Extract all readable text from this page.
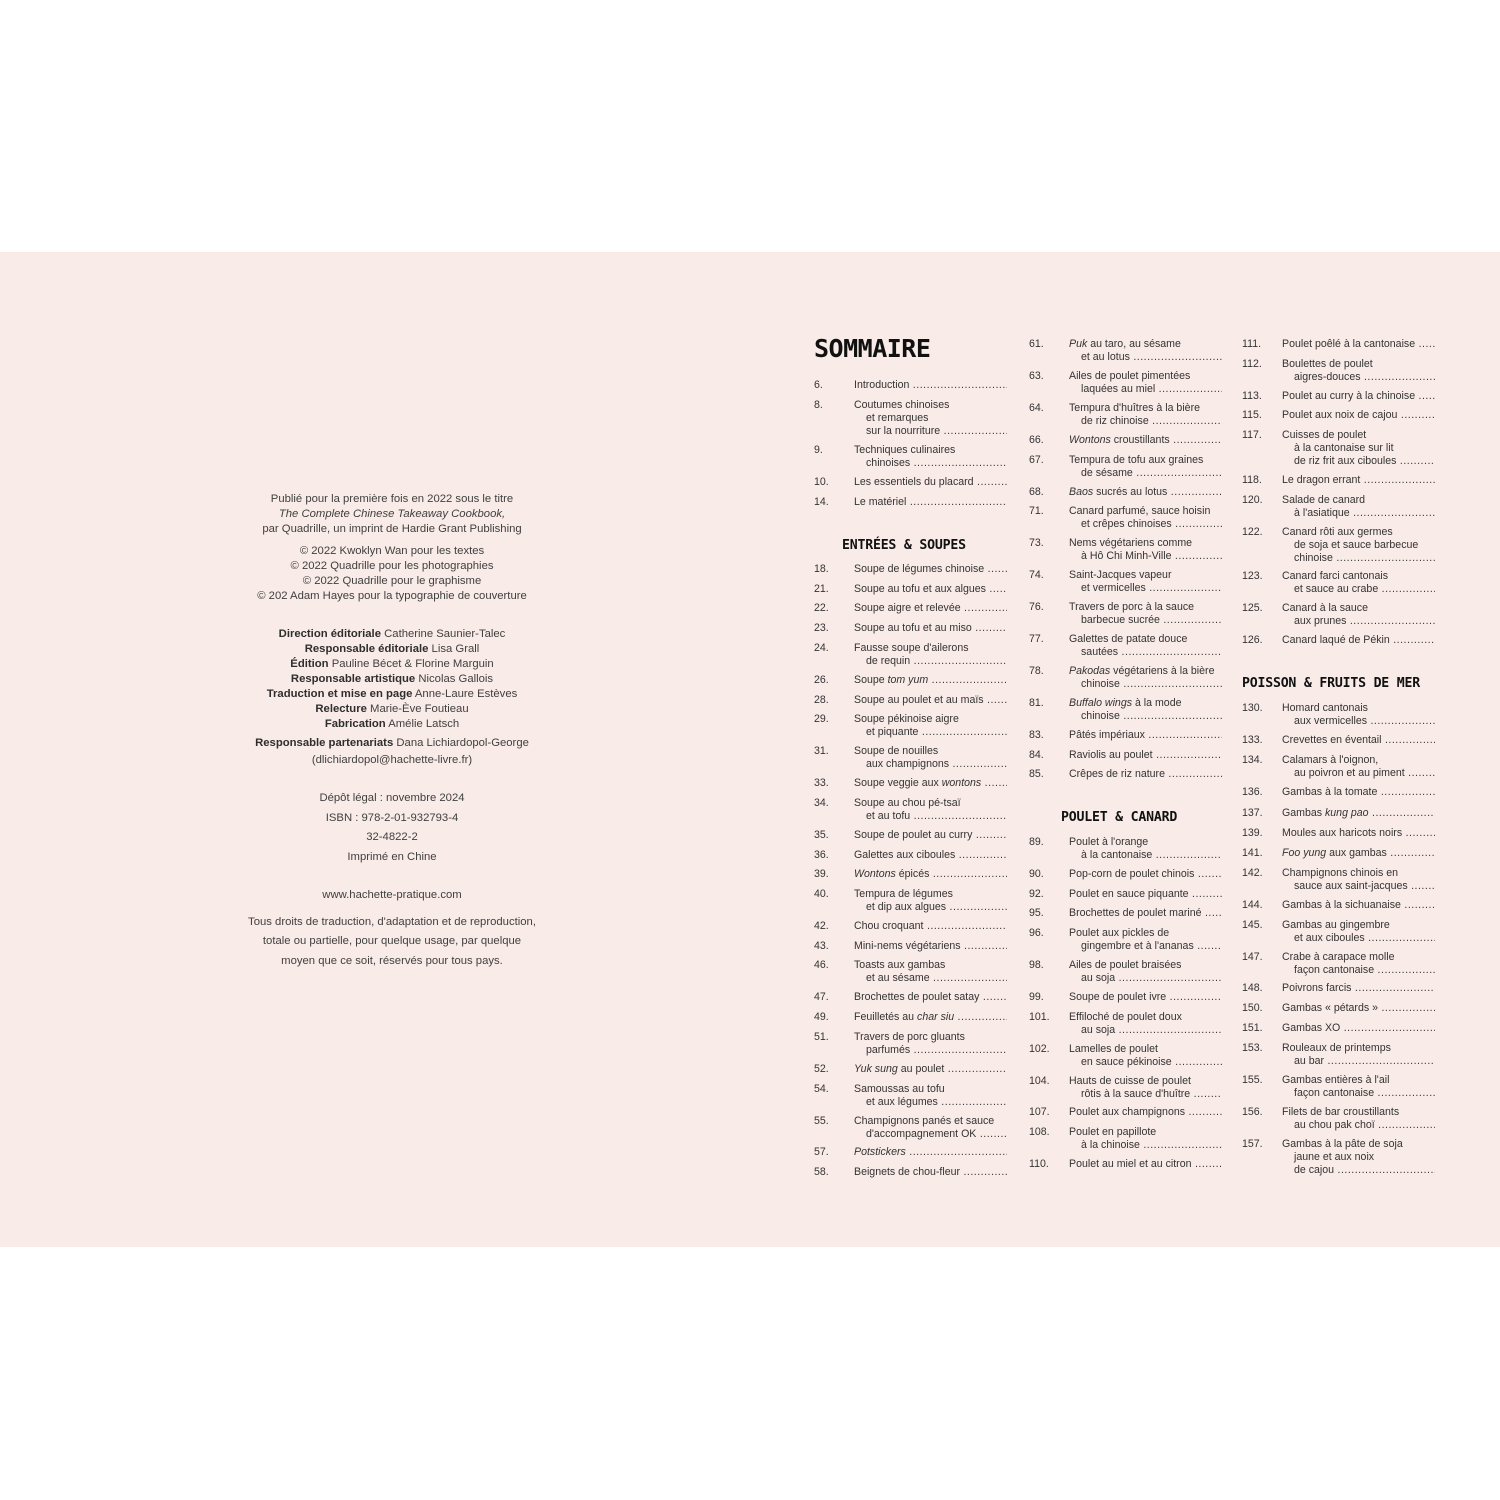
Publié pour la première fois en 2022 sous le titre
The Complete Chinese Takeaway Cookbook,
par Quadrille, un imprint de Hardie Grant Publishing
© 2022 Kwoklyn Wan pour les textes
© 2022 Quadrille pour les photographies
© 2022 Quadrille pour le graphisme
© 202 Adam Hayes pour la typographie de couverture
Direction éditoriale Catherine Saunier-Talec
Responsable éditoriale Lisa Grall
Édition Pauline Bécet & Florine Marguin
Responsable artistique Nicolas Gallois
Traduction et mise en page Anne-Laure Estèves
Relecture Marie-Ève Foutieau
Fabrication Amélie Latsch
Responsable partenariats Dana Lichiardopol-George
(dlichiardopol@hachette-livre.fr)
Dépôt légal : novembre 2024
ISBN : 978-2-01-932793-4
32-4822-2
Imprimé en Chine
www.hachette-pratique.com
Tous droits de traduction, d'adaptation et de reproduction,
totale ou partielle, pour quelque usage, par quelque
moyen que ce soit, réservés pour tous pays.
SOMMAIRE
ENTRÉES & SOUPES
POULET & CANARD
POISSON & FRUITS DE MER
6.	Introduction .....
8.	Coutumes chinoises
et remarques
sur la nourriture .....
9.	Techniques culinaires
chinoises .....
10. Les essentiels du placard .....
14. Le matériel .....
18. Soupe de légumes chinoise .....
21. Soupe au tofu et aux algues .....
22. Soupe aigre et relevée .....
23. Soupe au tofu et au miso .....
24. Fausse soupe d'ailerons
de requin .....
26. Soupe tom yum .....
28. Soupe au poulet et au maïs .....
29. Soupe pékinoise aigre
et piquante .....
31. Soupe de nouilles
aux champignons .....
33. Soupe veggie aux wontons .....
34. Soupe au chou pé-tsaï
et au tofu .....
35. Soupe de poulet au curry .....
36. Galettes aux ciboules .....
39. Wontons épicés .....
40. Tempura de légumes
et dip aux algues .....
42. Chou croquant .....
43. Mini-nems végétariens .....
46. Toasts aux gambas
et au sésame .....
47. Brochettes de poulet satay .....
49. Feuilletés au char siu .....
51. Travers de porc gluants
parfumés .....
52. Yuk sung au poulet .....
54. Samoussas au tofu
et aux légumes .....
55. Champignons panés et sauce
d'accompagnement OK .....
57. Potstickers .....
58. Beignets de chou-fleur .....
61. Puk au taro, au sésame
et au lotus .....
63. Ailes de poulet pimentées
laquées au miel .....
64. Tempura d'huîtres à la bière
de riz chinoise .....
66. Wontons croustillants .....
67. Tempura de tofu aux graines
de sésame .....
68. Baos sucrés au lotus .....
71. Canard parfumé, sauce hoisin
et crêpes chinoises .....
73. Nems végétariens comme
à Hô Chi Minh-Ville .....
74. Saint-Jacques vapeur
et vermicelles .....
76. Travers de porc à la sauce
barbecue sucrée .....
77. Galettes de patate douce
sautées .....
78. Pakodas végétariens à la bière
chinoise .....
81. Buffalo wings à la mode
chinoise .....
83. Pâtés impériaux .....
84. Raviolis au poulet .....
85. Crêpes de riz nature .....
89. Poulet à l'orange
à la cantonaise .....
90. Pop-corn de poulet chinois .....
92. Poulet en sauce piquante .....
95. Brochettes de poulet mariné .....
96. Poulet aux pickles de
gingembre et à l'ananas .....
98. Ailes de poulet braisées
au soja .....
99. Soupe de poulet ivre .....
101. Effiloché de poulet doux
au soja .....
102. Lamelles de poulet
en sauce pékinoise .....
104. Hauts de cuisse de poulet
rôtis à la sauce d'huître .....
107. Poulet aux champignons .....
108. Poulet en papillote
à la chinoise .....
110. Poulet au miel et au citron .....
111. Poulet poêlé à la cantonaise .....
112. Boulettes de poulet
aigres-douces .....
113. Poulet au curry à la chinoise .....
115. Poulet aux noix de cajou .....
117. Cuisses de poulet
à la cantonaise sur lit
de riz frit aux ciboules .....
118. Le dragon errant .....
120. Salade de canard
à l'asiatique .....
122. Canard rôti aux germes
de soja et sauce barbecue
chinoise .....
123. Canard farci cantonais
et sauce au crabe .....
125. Canard à la sauce
aux prunes .....
126. Canard laqué de Pékin .....
130. Homard cantonais
aux vermicelles .....
133. Crevettes en éventail .....
134. Calamars à l'oignon,
au poivron et au piment .....
136. Gambas à la tomate .....
137. Gambas kung pao .....
139. Moules aux haricots noirs .....
141. Foo yung aux gambas .....
142. Champignons chinois en
sauce aux saint-jacques .....
144. Gambas à la sichuanaise .....
145. Gambas au gingembre
et aux ciboules .....
147. Crabe à carapace molle
façon cantonaise .....
148. Poivrons farcis .....
150. Gambas « pétards » .....
151. Gambas XO .....
153. Rouleaux de printemps
au bar .....
155. Gambas entières à l'ail
façon cantonaise .....
156. Filets de bar croustillants
au chou pak choï .....
157. Gambas à la pâte de soja
jaune et aux noix
de cajou .....
